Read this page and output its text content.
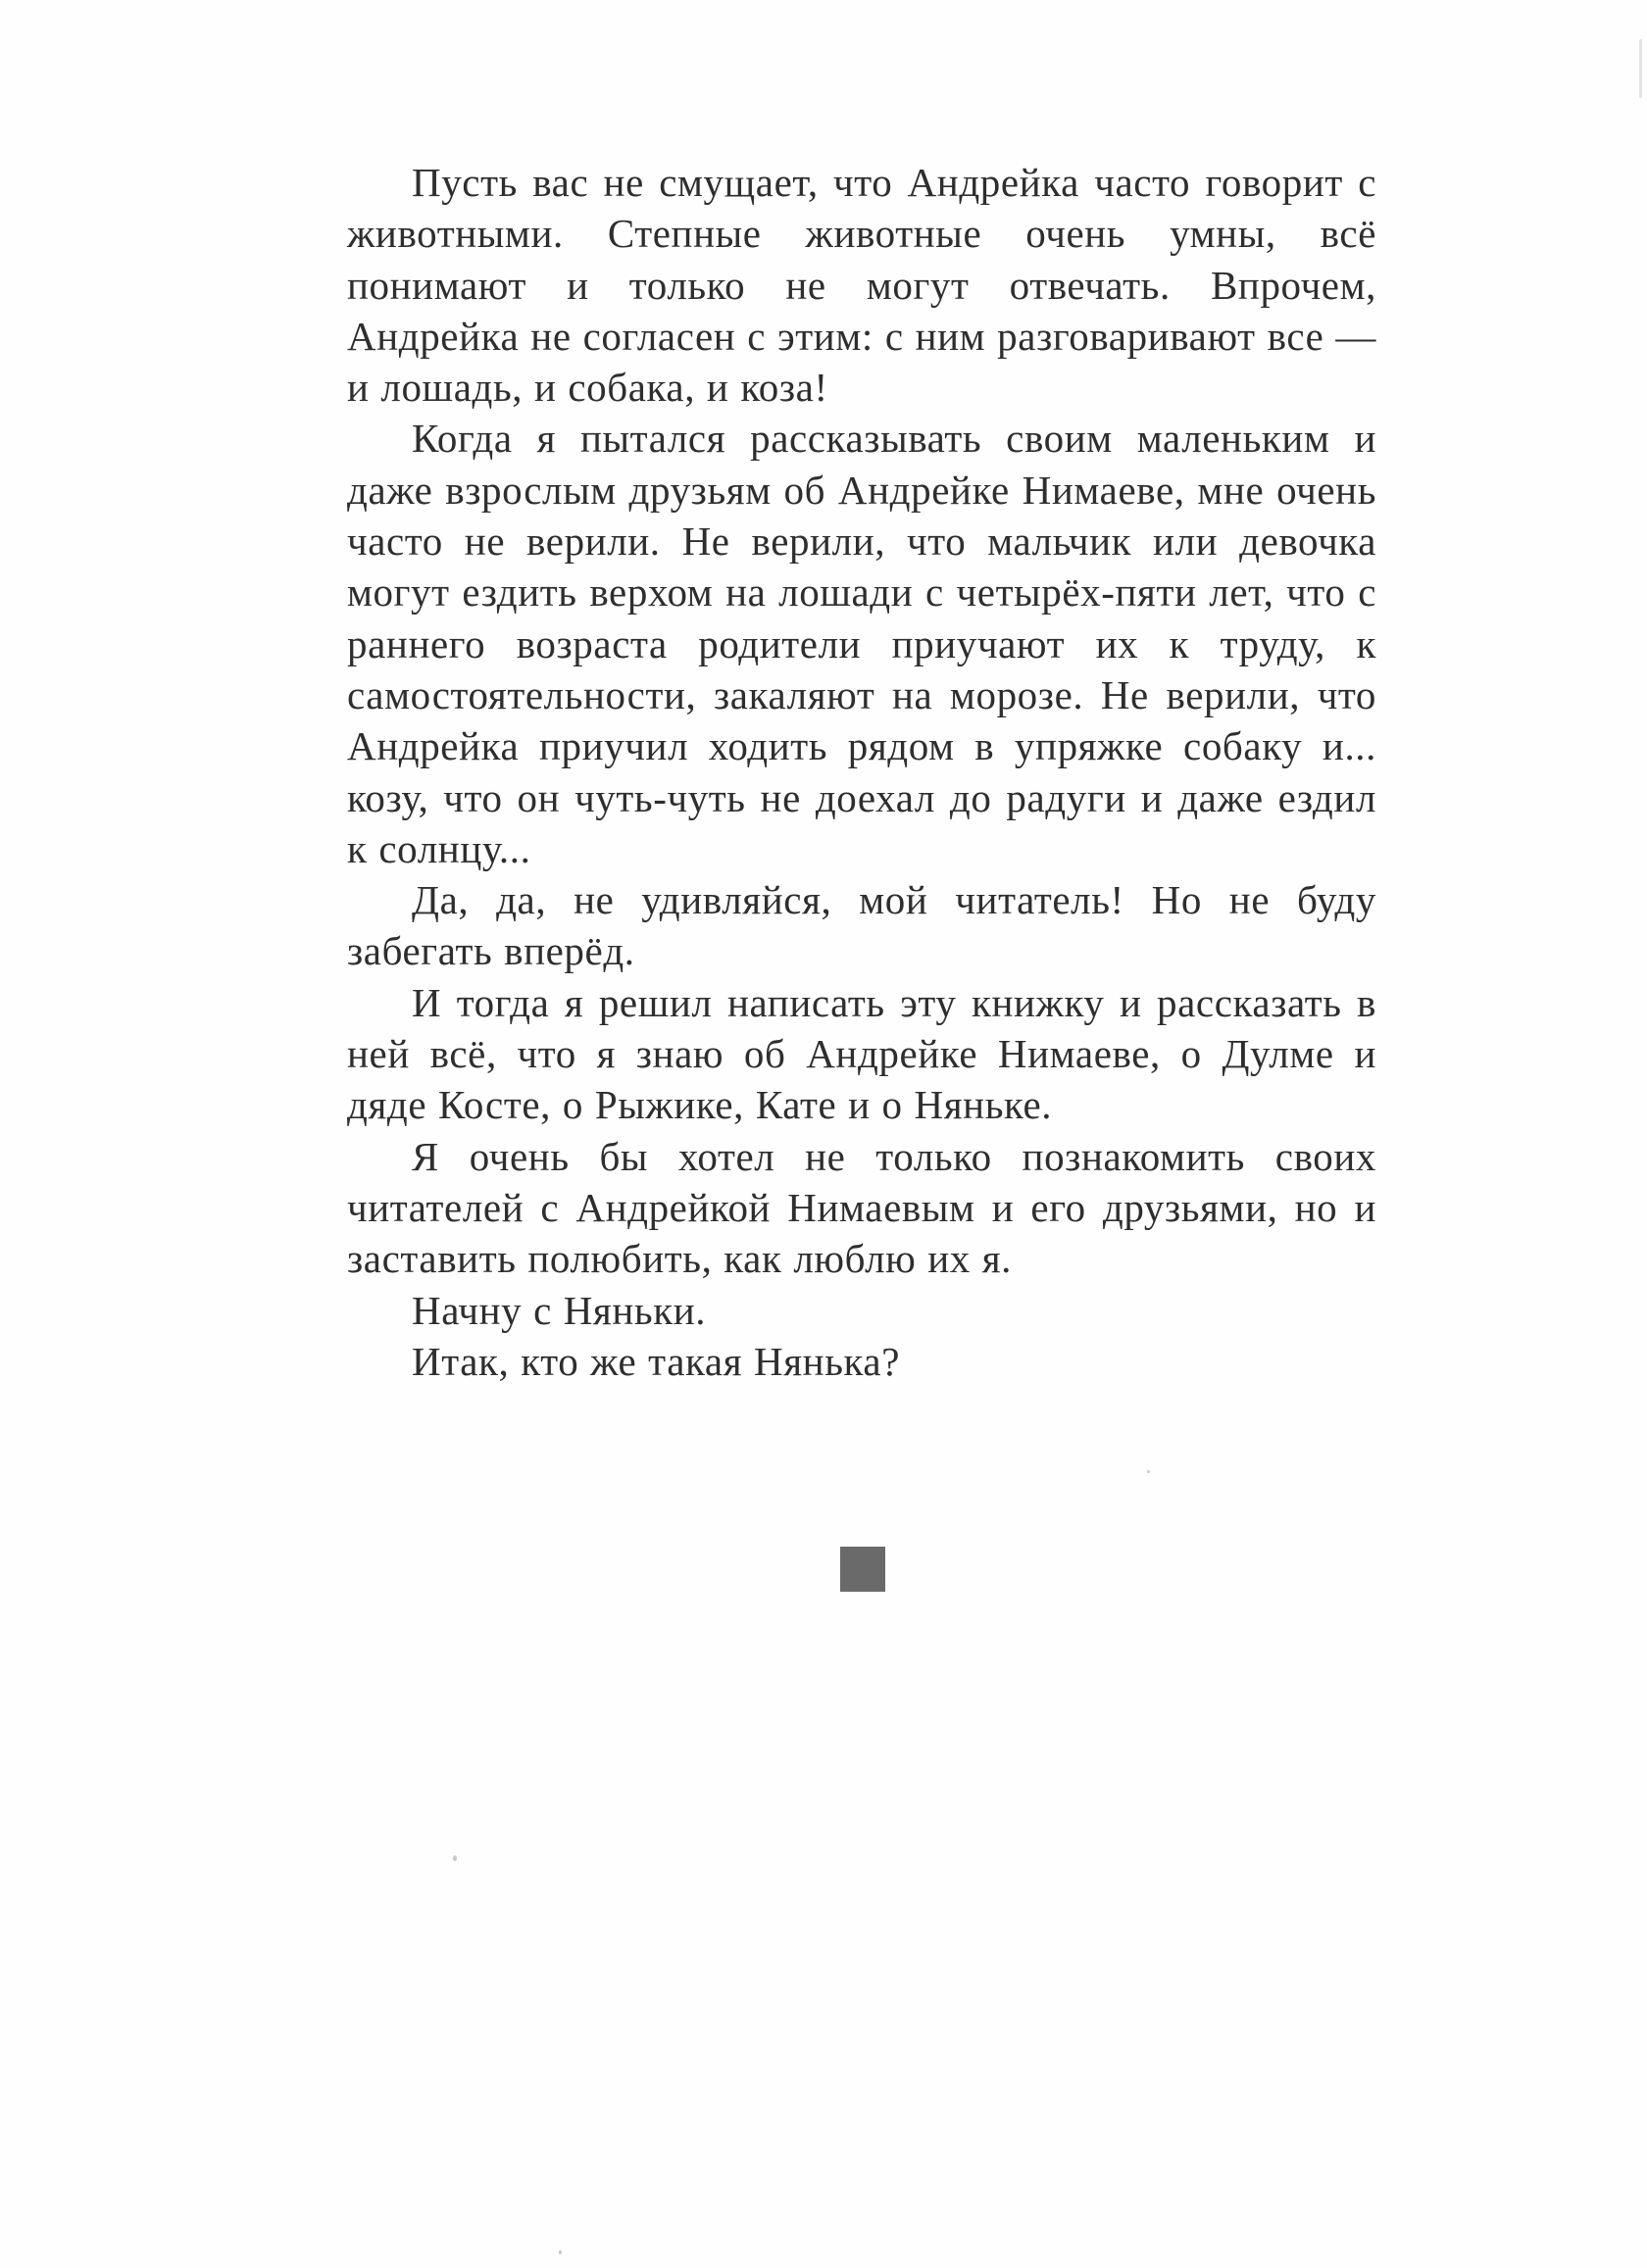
Пусть вас не смущает, что Андрейка часто говорит с животными. Степные животные очень умны, всё понимают и только не могут отвечать. Впрочем, Андрейка не согласен с этим: с ним разговаривают все — и лошадь, и собака, и коза!

Когда я пытался рассказывать своим маленьким и даже взрослым друзьям об Андрейке Нимаеве, мне очень часто не верили. Не верили, что мальчик или девочка могут ездить верхом на лошади с четырёх-пяти лет, что с раннего возраста родители приучают их к труду, к самостоятельности, закаляют на морозе. Не верили, что Андрейка приучил ходить рядом в упряжке собаку и... козу, что он чуть-чуть не доехал до радуги и даже ездил к солнцу...

Да, да, не удивляйся, мой читатель! Но не буду забегать вперёд.

И тогда я решил написать эту книжку и рассказать в ней всё, что я знаю об Андрейке Нимаеве, о Дулме и дяде Косте, о Рыжике, Кате и о Няньке.

Я очень бы хотел не только познакомить своих читателей с Андрейкой Нимаевым и его друзьями, но и заставить полюбить, как люблю их я.

Начну с Няньки.

Итак, кто же такая Нянька?
